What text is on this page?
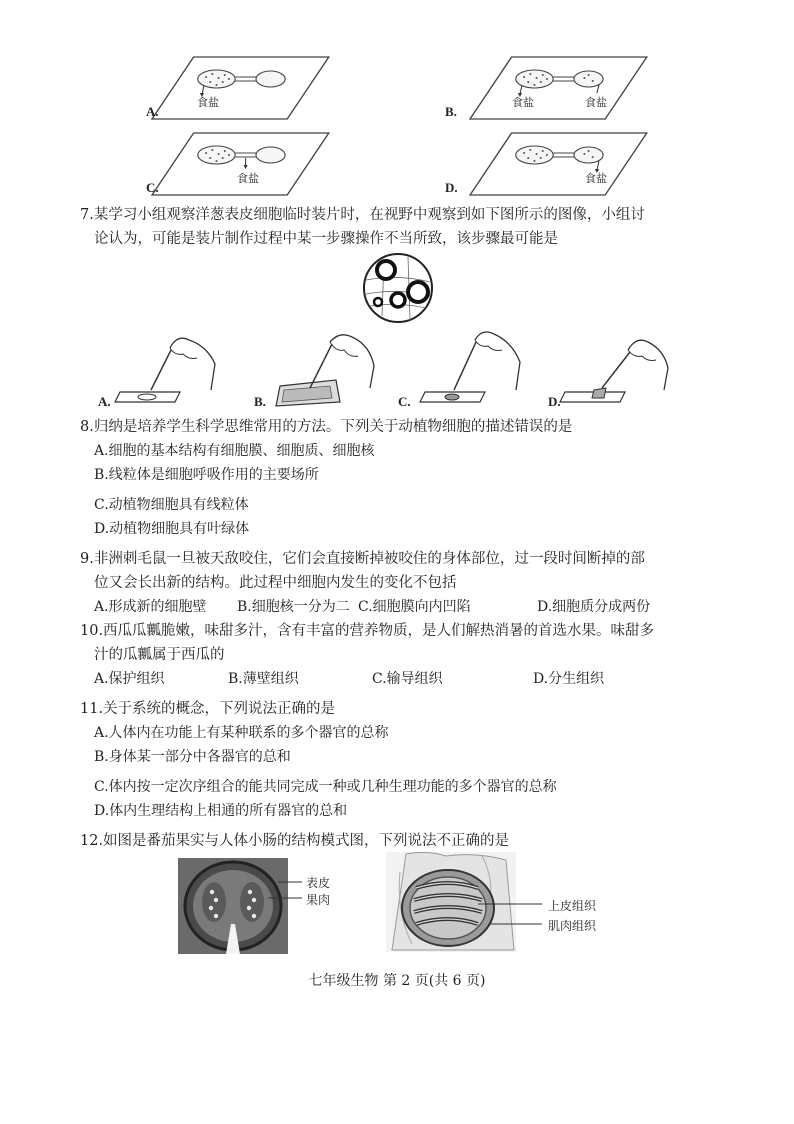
A.	B.
C.	D.
食盐	食盐	食盐
食盐	食盐
7.某学习小组观察洋葱表皮细胞临时装片时，在视野中观察到如下图所示的图像，小组讨
论认为，可能是装片制作过程中某一步骤操作不当所致，该步骤最可能是
A.	B.	C.	D.
8.归纳是培养学生科学思维常用的方法。下列关于动植物细胞的描述错误的是
A.细胞的基本结构有细胞膜、细胞质、细胞核
B.线粒体是细胞呼吸作用的主要场所
C.动植物细胞具有线粒体
D.动植物细胞具有叶绿体
9.非洲刺毛鼠一旦被天敌咬住，它们会直接断掉被咬住的身体部位，过一段时间断掉的部
位又会长出新的结构。此过程中细胞内发生的变化不包括
A.形成新的细胞壁 B.细胞核一分为二 C.细胞膜向内凹陷	D.细胞质分成两份
10.西瓜瓜瓤脆嫩，味甜多汁，含有丰富的营养物质，是人们解热消暑的首选水果。味甜多
汁的瓜瓤属于西瓜的
A.保护组织	B.薄壁组织	C.输导组织	D.分生组织
11.关于系统的概念，下列说法正确的是
A.人体内在功能上有某种联系的多个器官的总称
B.身体某一部分中各器官的总和
C.体内按一定次序组合的能共同完成一种或几种生理功能的多个器官的总称
D.体内生理结构上相通的所有器官的总和
12.如图是番茄果实与人体小肠的结构模式图，下列说法不正确的是
表皮
果肉	上皮组织
肌肉组织
七年级生物 第 2 页(共 6 页)
